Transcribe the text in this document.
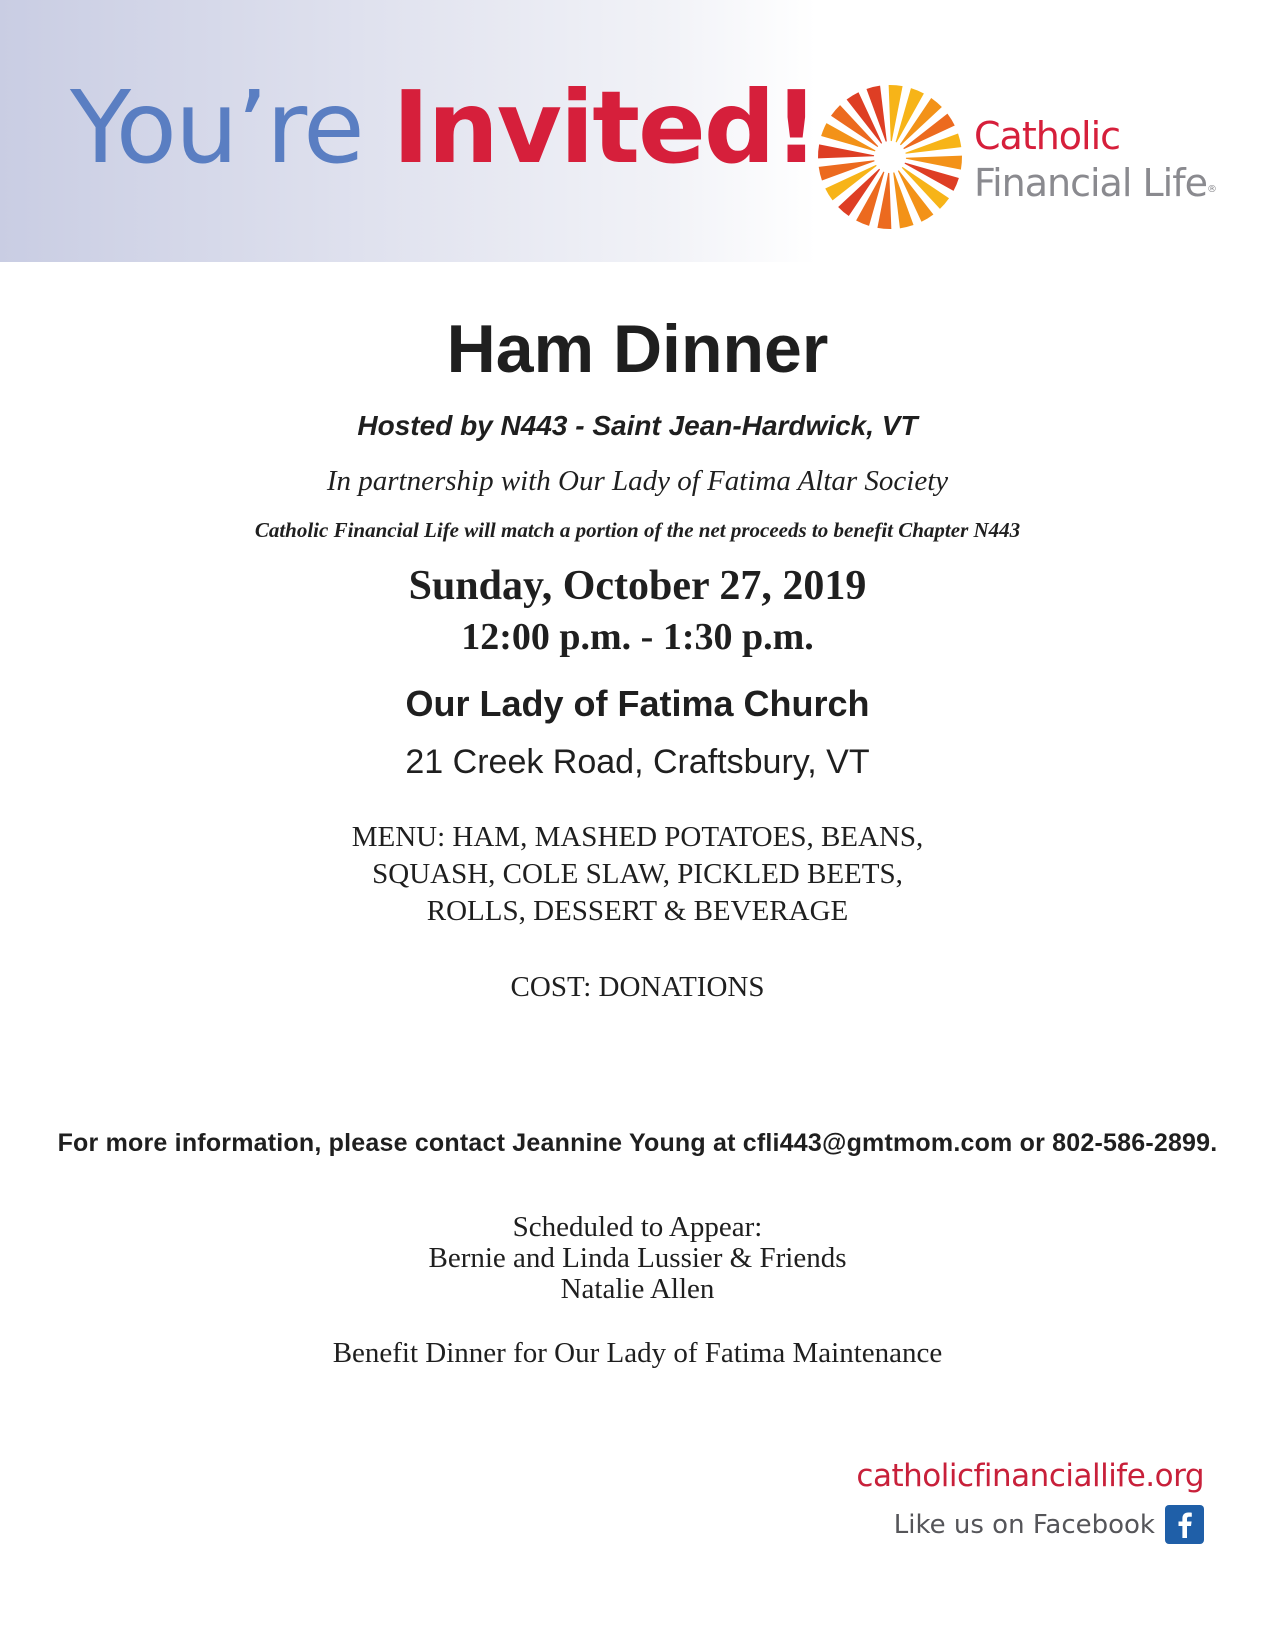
You’re Invited!	Catholic
Financial Life®
Ham Dinner
Hosted by N443 - Saint Jean-Hardwick, VT
In partnership with Our Lady of Fatima Altar Society
Catholic Financial Life will match a portion of the net proceeds to benefit Chapter N443
Sunday, October 27, 2019
12:00 p.m. - 1:30 p.m.
Our Lady of Fatima Church
21 Creek Road, Craftsbury, VT
MENU: HAM, MASHED POTATOES, BEANS,
SQUASH, COLE SLAW, PICKLED BEETS,
ROLLS, DESSERT & BEVERAGE
COST: DONATIONS
For more information, please contact Jeannine Young at cfli443@gmtmom.com or 802-586-2899.
Scheduled to Appear:
Bernie and Linda Lussier & Friends
Natalie Allen
Benefit Dinner for Our Lady of Fatima Maintenance
catholicfinanciallife.org
Like us on Facebook
